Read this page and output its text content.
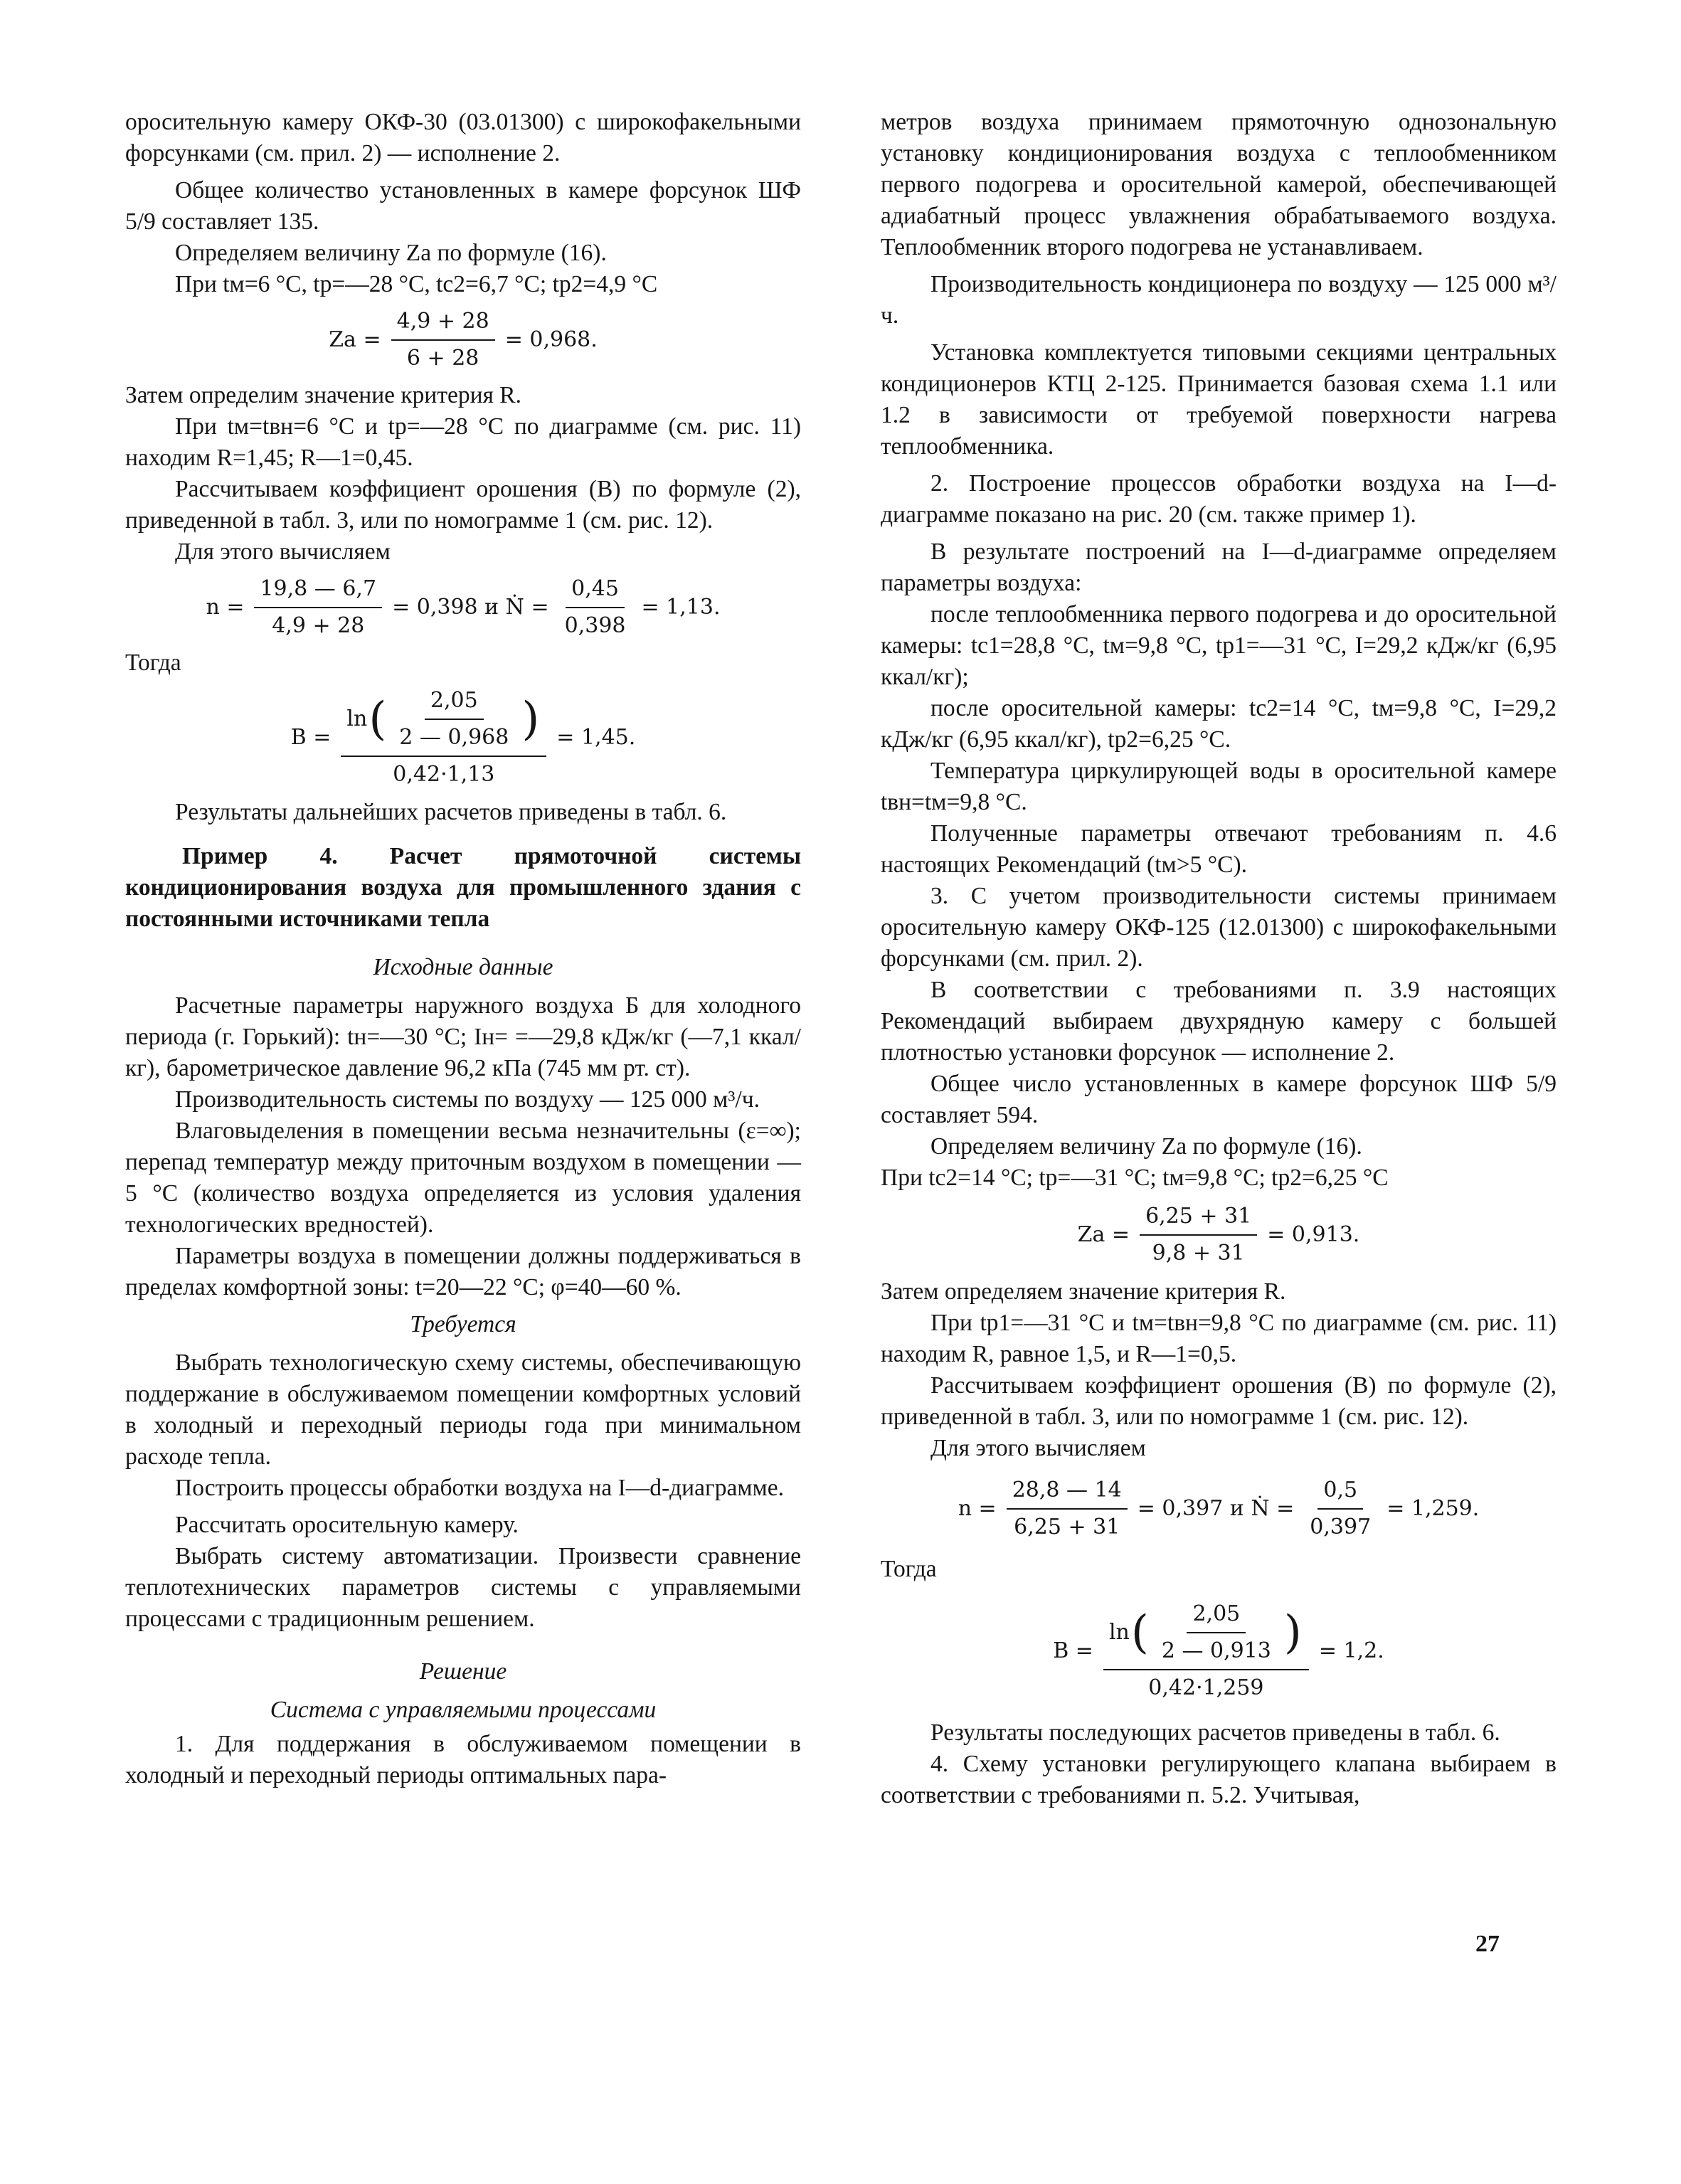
оросительную камеру ОКФ-30 (03.01300) с широкофакельными форсунками (см. прил. 2) — исполнение 2.

Общее количество установленных в камере форсунок ШФ 5/9 составляет 135.

Определяем величину Zа по формуле (16).

При tм=6 °С, tр=—28 °С, tс2=6,7 °С; tр2=4,9 °С

Zа = $\frac{4,9 + 28}{6 + 28} = 0,968$.

Затем определим значение критерия R.

При tм=tвн=6 °С и tр=—28 °С по диаграмме (см. рис. 11) находим R=1,45; R—1=0,45.

Рассчитываем коэффициент орошения (В) по формуле (2), приведенной в табл. 3, или по номограмме 1 (см. рис. 12).

Для этого вычисляем

$n = \frac{19,8 — 6,7}{4,9 + 28} = 0,398$ и Ṅ = $\frac{0,45}{0,398} = 1,13$.

Тогда

B =
ln ( $\frac{2,05}{2 — 0,968}$ )
0,42·1,13
= 1,45.

Результаты дальнейших расчетов приведены в табл. 6.

Пример 4. Расчет прямоточной системы кондиционирования воздуха для промышленного здания с постоянными источниками тепла

Исходные данные

Расчетные параметры наружного воздуха Б для холодного периода (г. Горький): tн=—30 °С; Iн= =—29,8 кДж/кг (—7,1 ккал/кг), барометрическое давление 96,2 кПа (745 мм рт. ст).

Производительность системы по воздуху — 125 000 м³/ч.

Влаговыделения в помещении весьма незначительны (ε=∞); перепад температур между приточным воздухом в помещении —5 °С (количество воздуха определяется из условия удаления технологических вредностей).

Параметры воздуха в помещении должны поддерживаться в пределах комфортной зоны: t=20—22 °С; φ=40—60 %.

Требуется

Выбрать технологическую схему системы, обеспечивающую поддержание в обслуживаемом помещении комфортных условий в холодный и переходный периоды года при минимальном расходе тепла.

Построить процессы обработки воздуха на I—d-диаграмме.

Рассчитать оросительную камеру.

Выбрать систему автоматизации. Произвести сравнение теплотехнических параметров системы с управляемыми процессами с традиционным решением.

Решение

Система с управляемыми процессами

1. Для поддержания в обслуживаемом помещении в холодный и переходный периоды оптимальных пара-

метров воздуха принимаем прямоточную однозональную установку кондиционирования воздуха с теплообменником первого подогрева и оросительной камерой, обеспечивающей адиабатный процесс увлажнения обрабатываемого воздуха. Теплообменник второго подогрева не устанавливаем.

Производительность кондиционера по воздуху — 125 000 м³/ч.

Установка комплектуется типовыми секциями центральных кондиционеров КТЦ 2-125. Принимается базовая схема 1.1 или 1.2 в зависимости от требуемой поверхности нагрева теплообменника.

2. Построение процессов обработки воздуха на I—d-диаграмме показано на рис. 20 (см. также пример 1).

В результате построений на I—d-диаграмме определяем параметры воздуха:

после теплообменника первого подогрева и до оросительной камеры: tс1=28,8 °С, tм=9,8 °С, tр1=—31 °С, I=29,2 кДж/кг (6,95 ккал/кг);

после оросительной камеры: tс2=14 °С, tм=9,8 °С, I=29,2 кДж/кг (6,95 ккал/кг), tр2=6,25 °С.

Температура циркулирующей воды в оросительной камере tвн=tм=9,8 °С.

Полученные параметры отвечают требованиям п. 4.6 настоящих Рекомендаций (tм>5 °С).

3. С учетом производительности системы принимаем оросительную камеру ОКФ-125 (12.01300) с широкофакельными форсунками (см. прил. 2).

В соответствии с требованиями п. 3.9 настоящих Рекомендаций выбираем двухрядную камеру с большей плотностью установки форсунок — исполнение 2.

Общее число установленных в камере форсунок ШФ 5/9 составляет 594.

Определяем величину Zа по формуле (16).

При tс2=14 °С; tр=—31 °С; tм=9,8 °С; tр2=6,25 °С

Zа = $\frac{6,25 + 31}{9,8 + 31} = 0,913$.

Затем определяем значение критерия R.

При tр1=—31 °С и tм=tвн=9,8 °С по диаграмме (см. рис. 11) находим R, равное 1,5, и R—1=0,5.

Рассчитываем коэффициент орошения (В) по формуле (2), приведенной в табл. 3, или по номограмме 1 (см. рис. 12).

Для этого вычисляем

$n = \frac{28,8 — 14}{6,25 + 31} = 0,397$ и Ṅ = $\frac{0,5}{0,397} = 1,259$.

Тогда

B =
ln ( $\frac{2,05}{2 — 0,913}$ )
0,42·1,259
= 1,2.

Результаты последующих расчетов приведены в табл. 6.

4. Схему установки регулирующего клапана выбираем в соответствии с требованиями п. 5.2. Учитывая,

27
